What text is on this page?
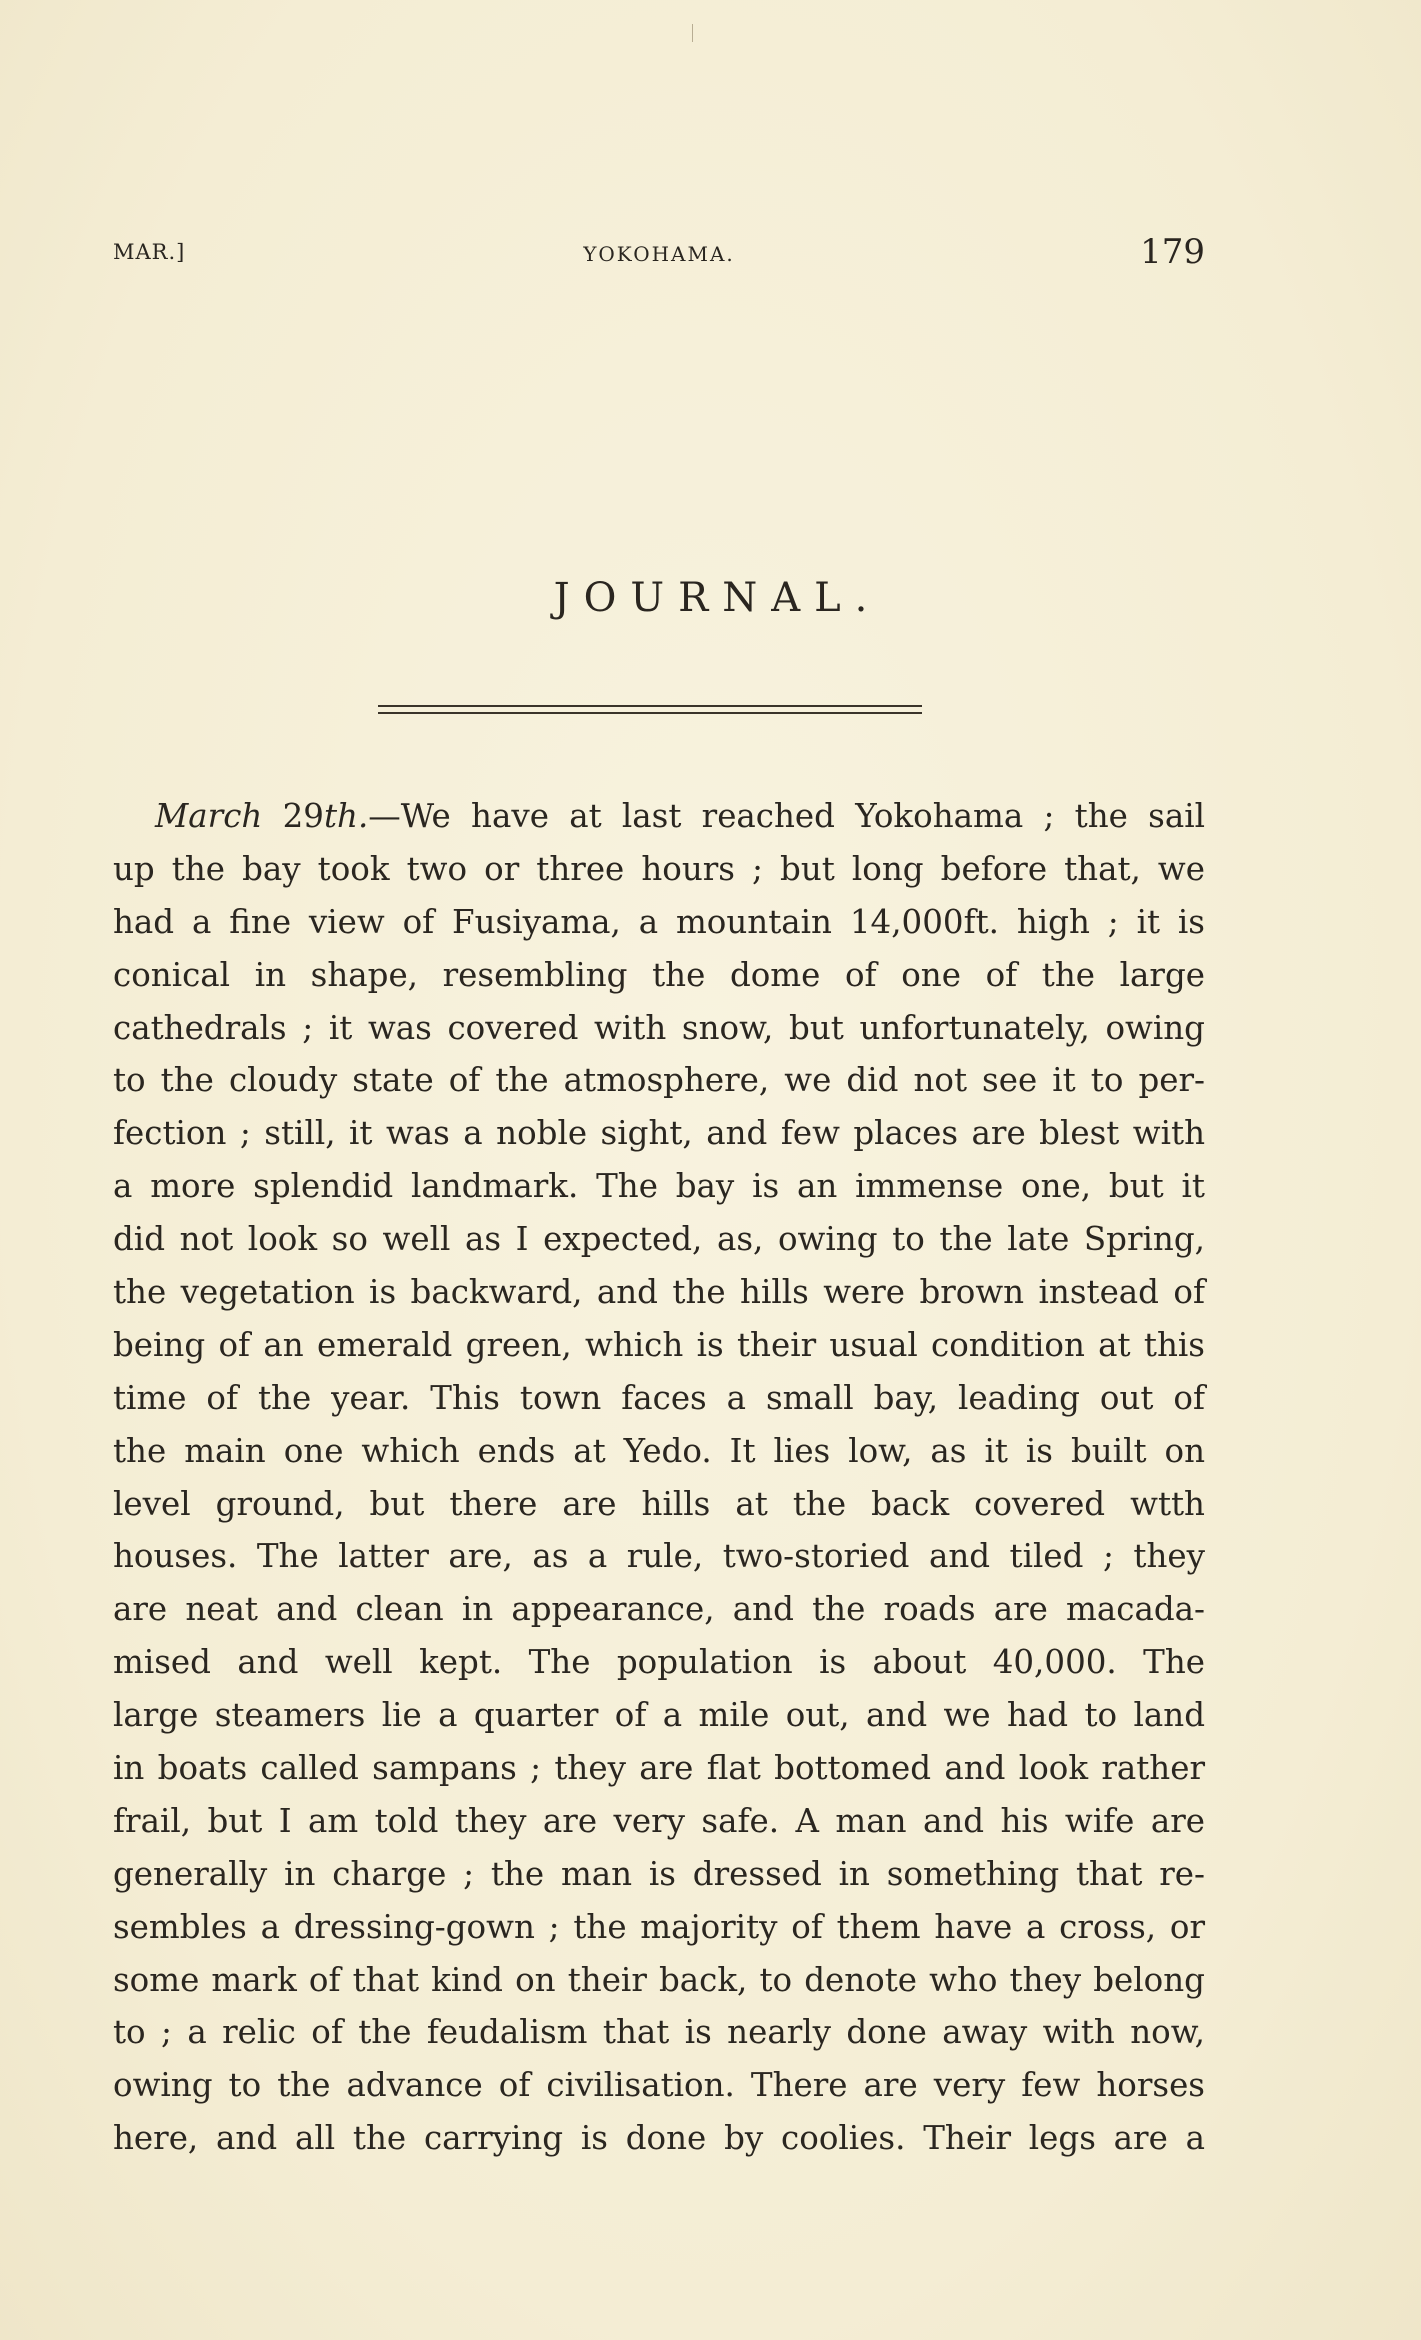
MAR.]	YOKOHAMA.	179
JOURNAL.
March 29th.—We have at last reached Yokohama ; the sail
up the bay took two or three hours ; but long before that, we
had a fine view of Fusiyama, a mountain 14,000ft. high ; it is
conical in shape, resembling the dome of one of the large
cathedrals ; it was covered with snow, but unfortunately, owing
to the cloudy state of the atmosphere, we did not see it to per-
fection ; still, it was a noble sight, and few places are blest with
a more splendid landmark. The bay is an immense one, but it
did not look so well as I expected, as, owing to the late Spring,
the vegetation is backward, and the hills were brown instead of
being of an emerald green, which is their usual condition at this
time of the year. This town faces a small bay, leading out of
the main one which ends at Yedo. It lies low, as it is built on
level ground, but there are hills at the back covered wtth
houses. The latter are, as a rule, two-storied and tiled ; they
are neat and clean in appearance, and the roads are macada-
mised and well kept. The population is about 40,000. The
large steamers lie a quarter of a mile out, and we had to land
in boats called sampans ; they are flat bottomed and look rather
frail, but I am told they are very safe. A man and his wife are
generally in charge ; the man is dressed in something that re-
sembles a dressing-gown ; the majority of them have a cross, or
some mark of that kind on their back, to denote who they belong
to ; a relic of the feudalism that is nearly done away with now,
owing to the advance of civilisation. There are very few horses
here, and all the carrying is done by coolies. Their legs are a
